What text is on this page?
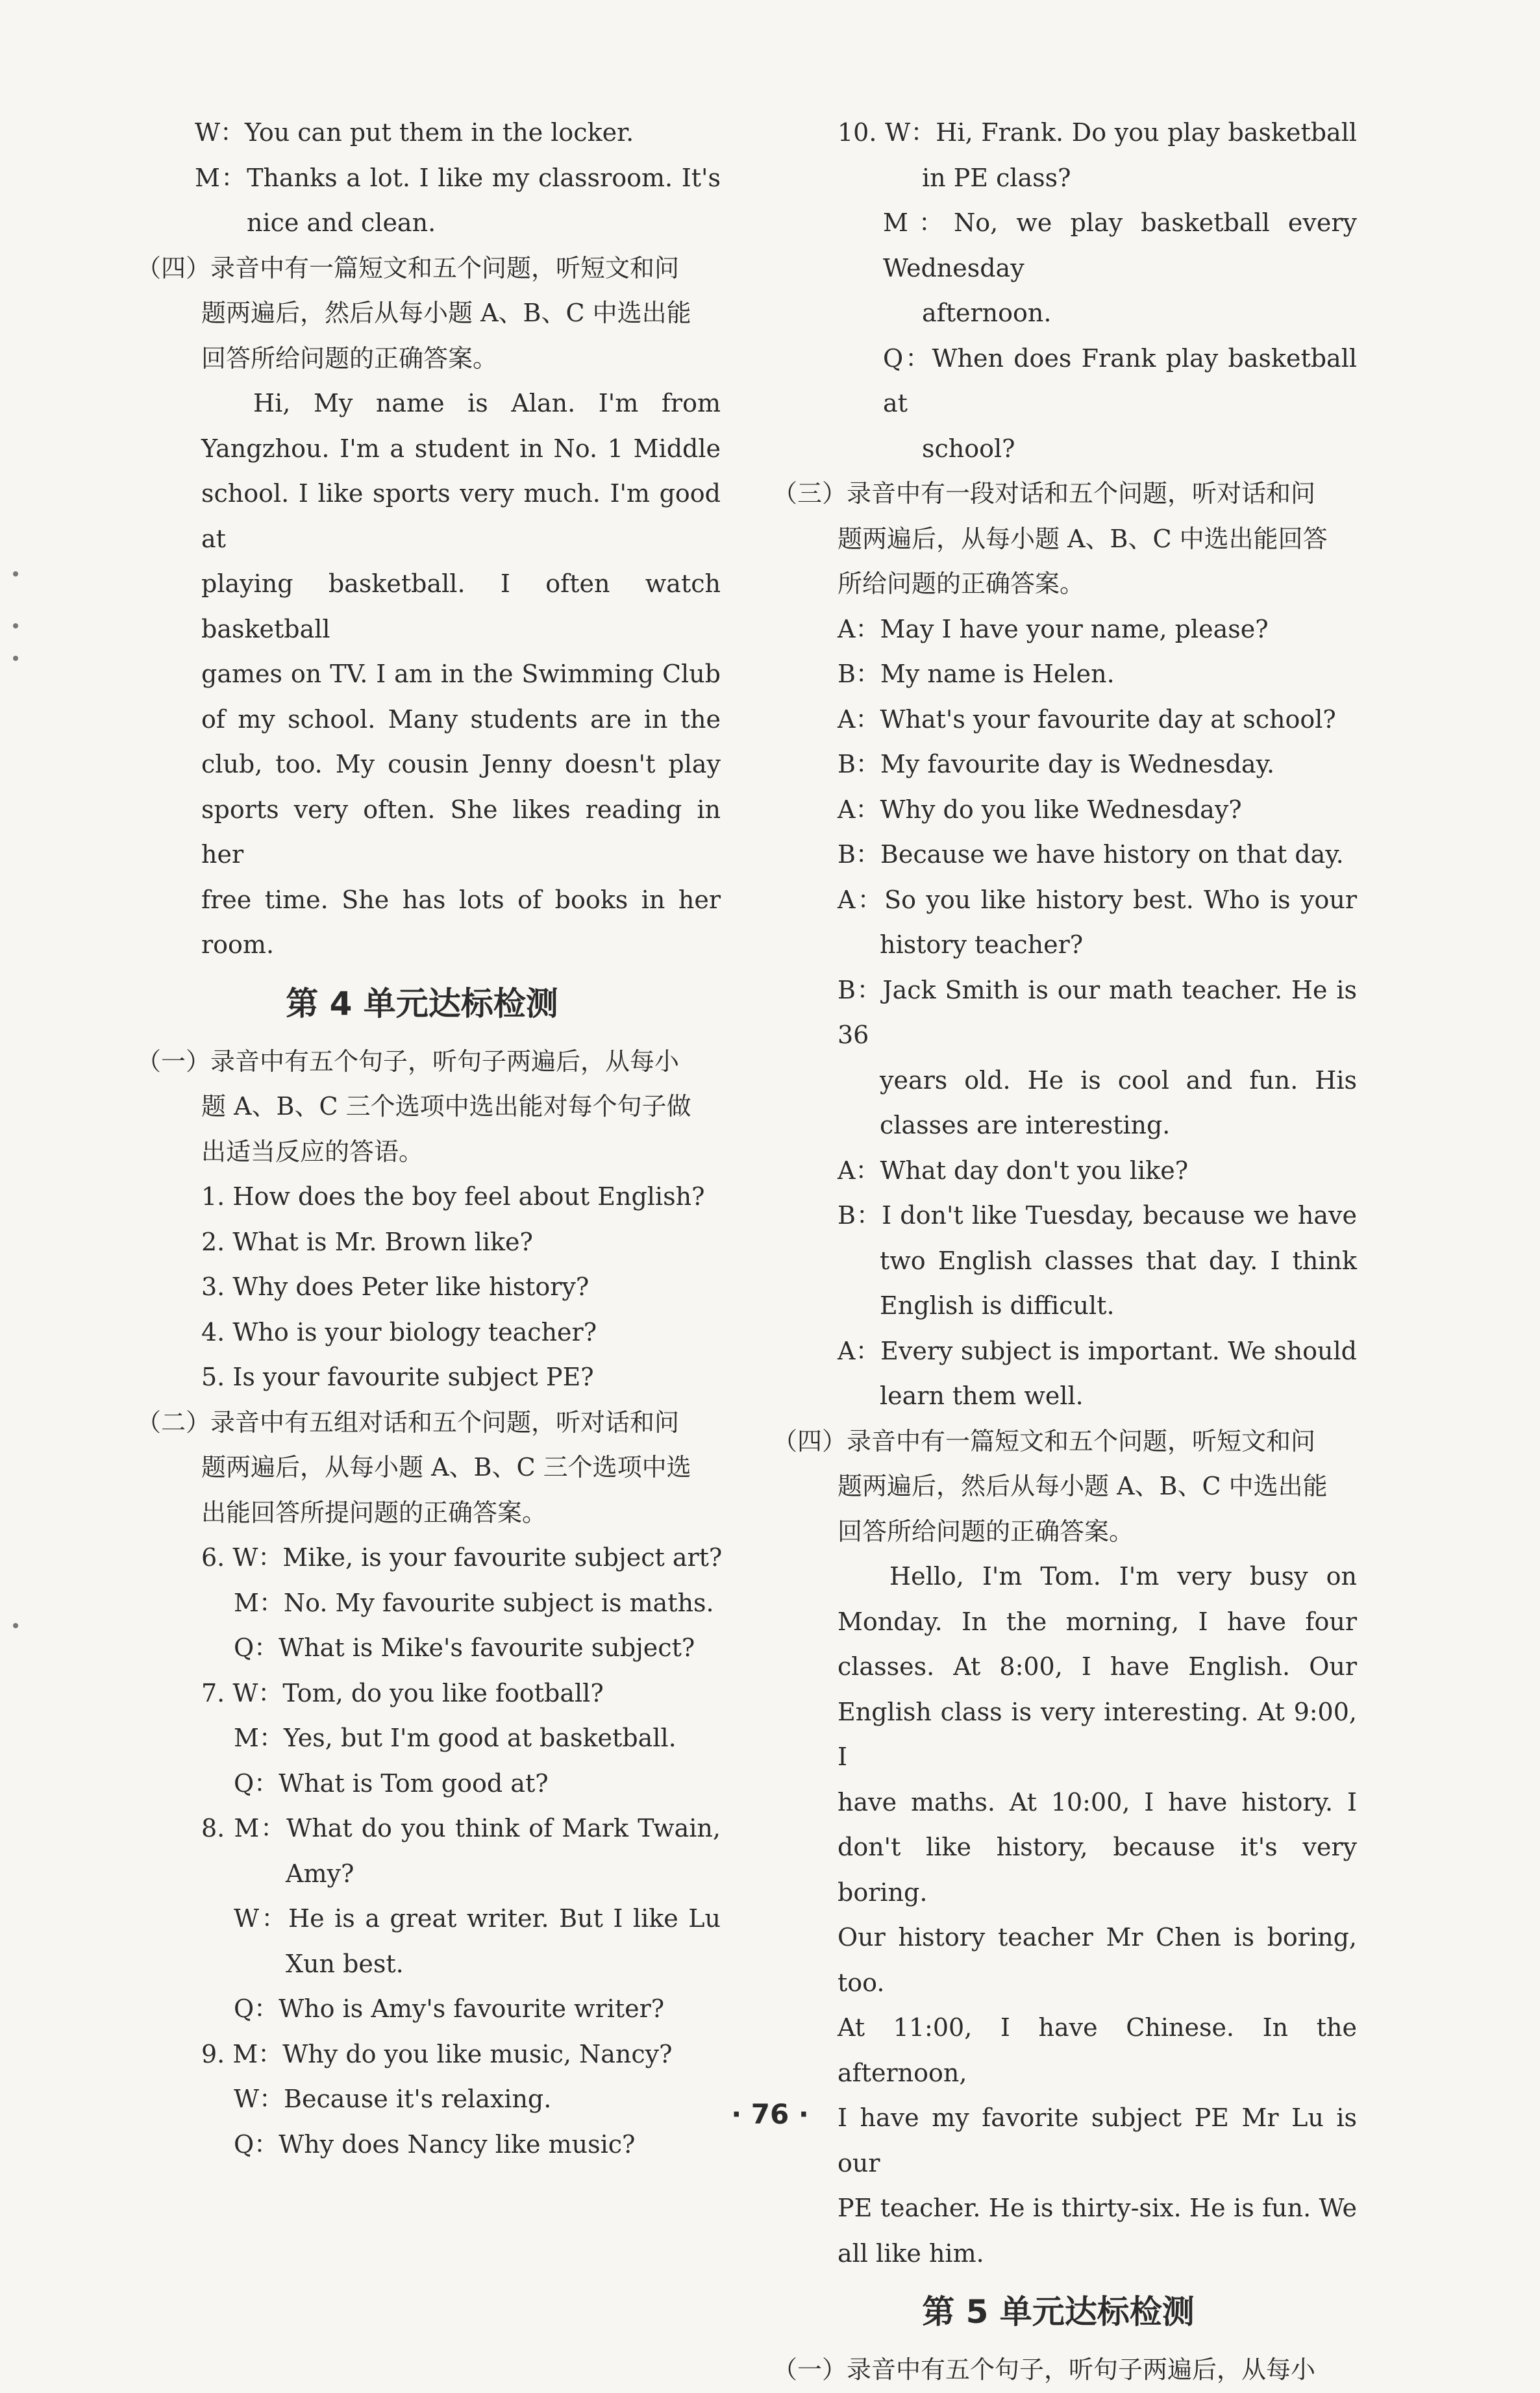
W：You can put them in the locker.
M：Thanks a lot. I like my classroom. It's
nice and clean.
（四）录音中有一篇短文和五个问题，听短文和问
题两遍后，然后从每小题 A、B、C 中选出能
回答所给问题的正确答案。
Hi, My name is Alan. I'm from
Yangzhou. I'm a student in No. 1 Middle
school. I like sports very much. I'm good at
playing basketball. I often watch basketball
games on TV. I am in the Swimming Club
of my school. Many students are in the
club, too. My cousin Jenny doesn't play
sports very often. She likes reading in her
free time. She has lots of books in her
room.
第 4 单元达标检测
（一）录音中有五个句子，听句子两遍后，从每小
题 A、B、C 三个选项中选出能对每个句子做
出适当反应的答语。
1. How does the boy feel about English?
2. What is Mr. Brown like?
3. Why does Peter like history?
4. Who is your biology teacher?
5. Is your favourite subject PE?
（二）录音中有五组对话和五个问题，听对话和问
题两遍后，从每小题 A、B、C 三个选项中选
出能回答所提问题的正确答案。
6. W：Mike, is your favourite subject art?
M：No. My favourite subject is maths.
Q：What is Mike's favourite subject?
7. W：Tom, do you like football?
M：Yes, but I'm good at basketball.
Q：What is Tom good at?
8. M：What do you think of Mark Twain,
Amy?
W：He is a great writer. But I like Lu
Xun best.
Q：Who is Amy's favourite writer?
9. M：Why do you like music, Nancy?
W：Because it's relaxing.
Q：Why does Nancy like music?
10. W：Hi, Frank. Do you play basketball
in PE class?
M：No, we play basketball every Wednesday
afternoon.
Q：When does Frank play basketball at
school?
（三）录音中有一段对话和五个问题，听对话和问
题两遍后，从每小题 A、B、C 中选出能回答
所给问题的正确答案。
A：May I have your name, please?
B：My name is Helen.
A：What's your favourite day at school?
B：My favourite day is Wednesday.
A：Why do you like Wednesday?
B：Because we have history on that day.
A：So you like history best. Who is your
history teacher?
B：Jack Smith is our math teacher. He is 36
years old. He is cool and fun. His
classes are interesting.
A：What day don't you like?
B：I don't like Tuesday, because we have
two English classes that day. I think
English is difficult.
A：Every subject is important. We should
learn them well.
（四）录音中有一篇短文和五个问题，听短文和问
题两遍后，然后从每小题 A、B、C 中选出能
回答所给问题的正确答案。
Hello, I'm Tom. I'm very busy on
Monday. In the morning, I have four
classes. At 8:00, I have English. Our
English class is very interesting. At 9:00, I
have maths. At 10:00, I have history. I
don't like history, because it's very boring.
Our history teacher Mr Chen is boring, too.
At 11:00, I have Chinese. In the afternoon,
I have my favorite subject PE Mr Lu is our
PE teacher. He is thirty-six. He is fun. We
all like him.
第 5 单元达标检测
（一）录音中有五个句子，听句子两遍后，从每小
· 76 ·
